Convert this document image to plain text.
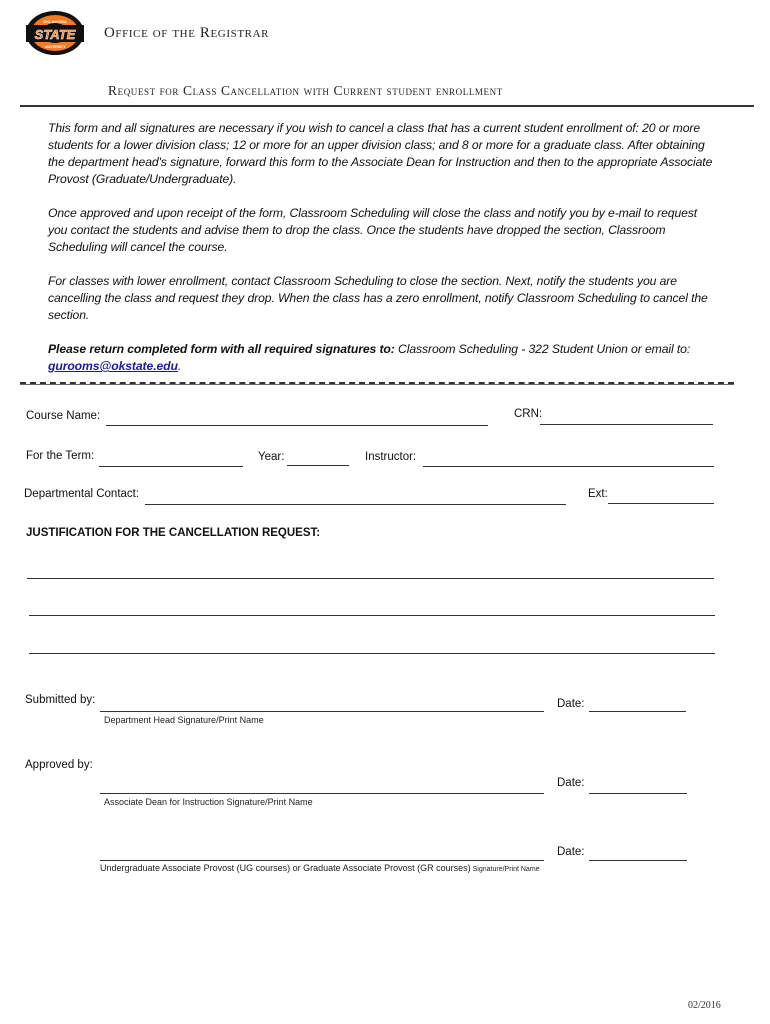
OKLAHOMA
STATE
UNIVERSITY
Office of the Registrar
Request for Class Cancellation with Current student enrollment

This form and all signatures are necessary if you wish to cancel a class that has a current student enrollment of: 20 or more students for a lower division class; 12 or more for an upper division class; and 8 or more for a graduate class. After obtaining the department head's signature, forward this form to the Associate Dean for Instruction and then to the appropriate Associate Provost (Graduate/Undergraduate).

Once approved and upon receipt of the form, Classroom Scheduling will close the class and notify you by e-mail to request you contact the students and advise them to drop the class. Once the students have dropped the section, Classroom Scheduling will cancel the course.

For classes with lower enrollment, contact Classroom Scheduling to close the section. Next, notify the students you are cancelling the class and request they drop. When the class has a zero enrollment, notify Classroom Scheduling to cancel the section.

Please return completed form with all required signatures to: Classroom Scheduling - 322 Student Union or email to: gurooms@okstate.edu.

Course Name:	CRN:
For the Term:	Year:	Instructor:
Departmental Contact:	Ext:
JUSTIFICATION FOR THE CANCELLATION REQUEST:
Submitted by:
Department Head Signature/Print Name
Date:
Approved by:
Associate Dean for Instruction Signature/Print Name
Date:
Undergraduate Associate Provost (UG courses) or Graduate Associate Provost (GR courses) Signature/Print Name
Date:
02/2016
